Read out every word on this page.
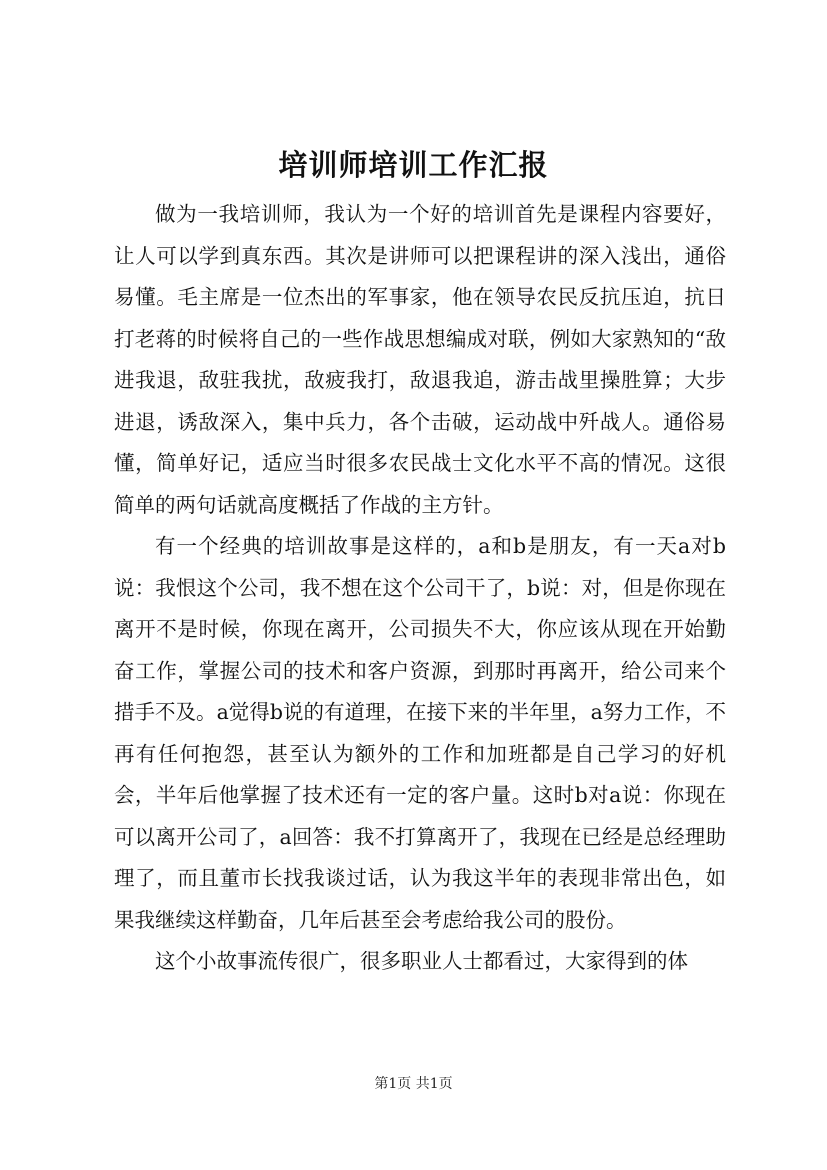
培训师培训工作汇报

做为一我培训师，我认为一个好的培训首先是课程内容要好，让人可以学到真东西。其次是讲师可以把课程讲的深入浅出，通俗易懂。毛主席是一位杰出的军事家，他在领导农民反抗压迫，抗日打老蒋的时候将自己的一些作战思想编成对联，例如大家熟知的“敌进我退，敌驻我扰，敌疲我打，敌退我追，游击战里操胜算；大步进退，诱敌深入，集中兵力，各个击破，运动战中歼战人。通俗易懂，简单好记，适应当时很多农民战士文化水平不高的情况。这很简单的两句话就高度概括了作战的主方针。

有一个经典的培训故事是这样的，a和b是朋友，有一天a对b说：我恨这个公司，我不想在这个公司干了，b说：对，但是你现在离开不是时候，你现在离开，公司损失不大，你应该从现在开始勤奋工作，掌握公司的技术和客户资源，到那时再离开，给公司来个措手不及。a觉得b说的有道理，在接下来的半年里，a努力工作，不再有任何抱怨，甚至认为额外的工作和加班都是自己学习的好机会，半年后他掌握了技术还有一定的客户量。这时b对a说：你现在可以离开公司了，a回答：我不打算离开了，我现在已经是总经理助理了，而且董市长找我谈过话，认为我这半年的表现非常出色，如果我继续这样勤奋，几年后甚至会考虑给我公司的股份。

这个小故事流传很广，很多职业人士都看过，大家得到的体

第1页 共1页
